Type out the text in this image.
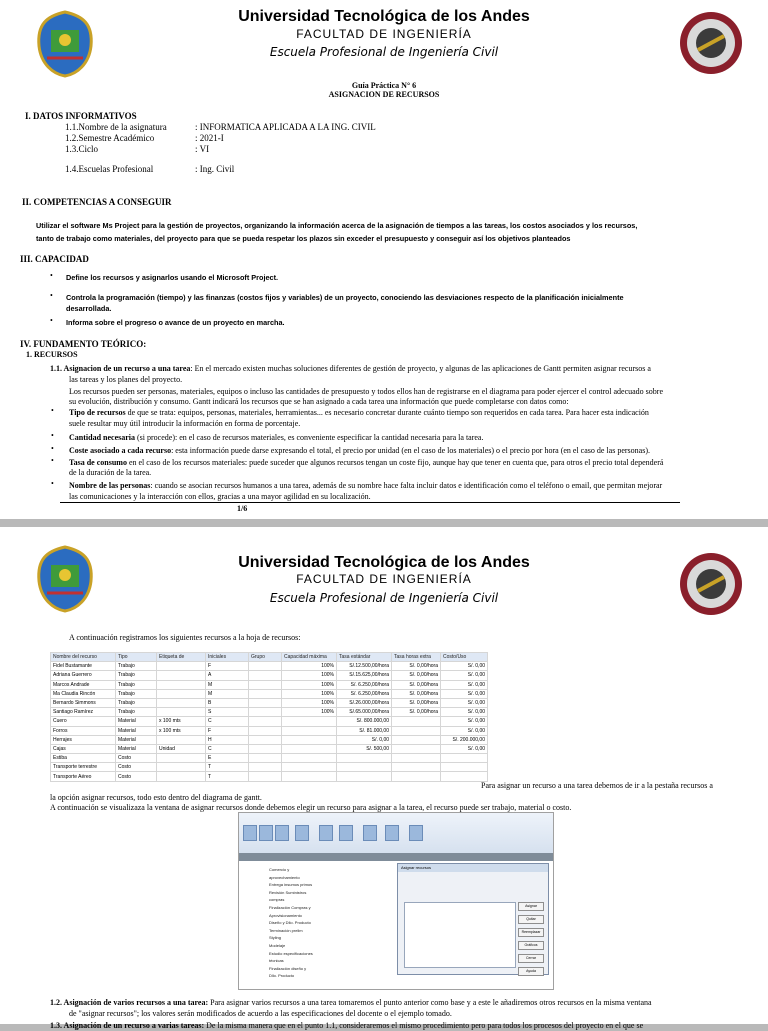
Universidad Tecnológica de los Andes
FACULTAD DE INGENIERÍA
Escuela Profesional de Ingeniería Civil
Guía Práctica N° 6
ASIGNACION DE RECURSOS
I. DATOS INFORMATIVOS
1.1.Nombre de la asignatura	: INFORMATICA APLICADA A LA ING. CIVIL
1.2.Semestre Académico	: 2021-I
1.3.Ciclo	: VI
1.4.Escuelas Profesional	: Ing. Civil
II. COMPETENCIAS A CONSEGUIR
Utilizar el software Ms Project para la gestión de proyectos, organizando la información acerca de la asignación de tiempos a las tareas, los costos asociados y los recursos,
tanto de trabajo como materiales, del proyecto para que se pueda respetar los plazos sin exceder el presupuesto y conseguir así los objetivos planteados
III. CAPACIDAD
• Define los recursos y asignarlos usando el Microsoft Project.
• Controla la programación (tiempo) y las finanzas (costos fijos y variables) de un proyecto, conociendo las desviaciones respecto de la planificación inicialmente
desarrollada.
• Informa sobre el progreso o avance de un proyecto en marcha.
IV. FUNDAMENTO TEÓRICO:
1. RECURSOS
1.1. Asignacion de un recurso a una tarea: En el mercado existen muchas soluciones diferentes de gestión de proyecto, y algunas de las aplicaciones de Gantt permiten asignar recursos a
las tareas y los planes del proyecto.
Los recursos pueden ser personas, materiales, equipos o incluso las cantidades de presupuesto y todos ellos han de registrarse en el diagrama para poder ejercer el control adecuado sobre
su evolución, distribución y consumo. Gantt indicará los recursos que se han asignado a cada tarea una información que puede completarse con datos como:
• Tipo de recursos de que se trata: equipos, personas, materiales, herramientas... es necesario concretar durante cuánto tiempo son requeridos en cada tarea. Para hacer esta indicación
suele resultar muy útil introducir la información en forma de porcentaje.
• Cantidad necesaria (si procede): en el caso de recursos materiales, es conveniente especificar la cantidad necesaria para la tarea.
• Coste asociado a cada recurso: esta información puede darse expresando el total, el precio por unidad (en el caso de los materiales) o el precio por hora (en el caso de las personas).
• Tasa de consumo en el caso de los recursos materiales: puede suceder que algunos recursos tengan un coste fijo, aunque hay que tener en cuenta que, para otros el precio total dependerá
de la duración de la tarea.
• Nombre de las personas: cuando se asocian recursos humanos a una tarea, además de su nombre hace falta incluir datos e identificación como el teléfono o email, que permitan mejorar
las comunicaciones y la interacción con ellos, gracias a una mayor agilidad en su localización.
1/6
Universidad Tecnológica de los Andes
FACULTAD DE INGENIERÍA
Escuela Profesional de Ingeniería Civil
A continuación registramos los siguientes recursos a la hoja de recursos:
Nombre del recurso	Tipo	Etiqueta de	Iniciales	Grupo	Capacidad máxima	Tasa estándar	Tasa horas extra	Costo/Uso
Fidel Bustamante	Trabajo		F		100%	S/.12.500,00/hora	S/. 0,00/hora	S/. 0,00
Adriana Guerrero	Trabajo		A		100%	S/.15.625,00/hora	S/. 0,00/hora	S/. 0,00
Marcos Andrade	Trabajo		M		100%	S/. 6.250,00/hora	S/. 0,00/hora	S/. 0,00
Ma Claudia Rincón	Trabajo		M		100%	S/. 6.250,00/hora	S/. 0,00/hora	S/. 0,00
Bernardo Simmons	Trabajo		B		100%	S/.26.000,00/hora	S/. 0,00/hora	S/. 0,00
Santiago Ramírez	Trabajo		S		100%	S/.65.000,00/hora	S/. 0,00/hora	S/. 0,00
Cuero	Material	x 100 mts	C			S/. 800.000,00		S/. 0,00
Forros	Material	x 100 mts	F			S/. 81.000,00		S/. 0,00
Herrajes	Material		H			S/. 0,00		S/. 200.000,00
Cajas	Material	Unidad	C			S/. 500,00		S/. 0,00
Estiba	Costo		E					
Transporte terrestre	Costo		T					
Transporte Aéreo	Costo		T					
Para asignar un recurso a una tarea debemos de ir a la pestaña recursos a
la opción asignar recursos, todo esto dentro del diagrama de gantt.
A continuación se visualizaza la ventana de asignar recursos donde debemos elegir un recurso para asignar a la tarea, el recurso puede ser trabajo, material o costo.
Comercio y
aprovechamiento
Entrega insumos primos
Revisión Suministros
compras
Finalización Compras y
Aprovisionamiento
Diseño y Dllo. Producto
Terminación prelim
Styling
Modelaje
Estudio especificaciones
técnicas
Finalización diseño y
Dllo. Producto
Asignar recursos
Asignar
Quitar
Reemplazar
Gráficos
Cerrar
Ayuda
1.2. Asignación de varios recursos a una tarea: Para asignar varios recursos a una tarea tomaremos el punto anterior como base y a este le añadiremos otros recursos en la misma ventana
de "asignar recursos"; los valores serán modificados de acuerdo a las especificaciones del docente o el ejemplo tomado.
1.3. Asignación de un recurso a varias tareas: De la misma manera que en el punto 1.1, consideraremos el mismo procedimiento pero para todos los procesos del proyecto en el que se
